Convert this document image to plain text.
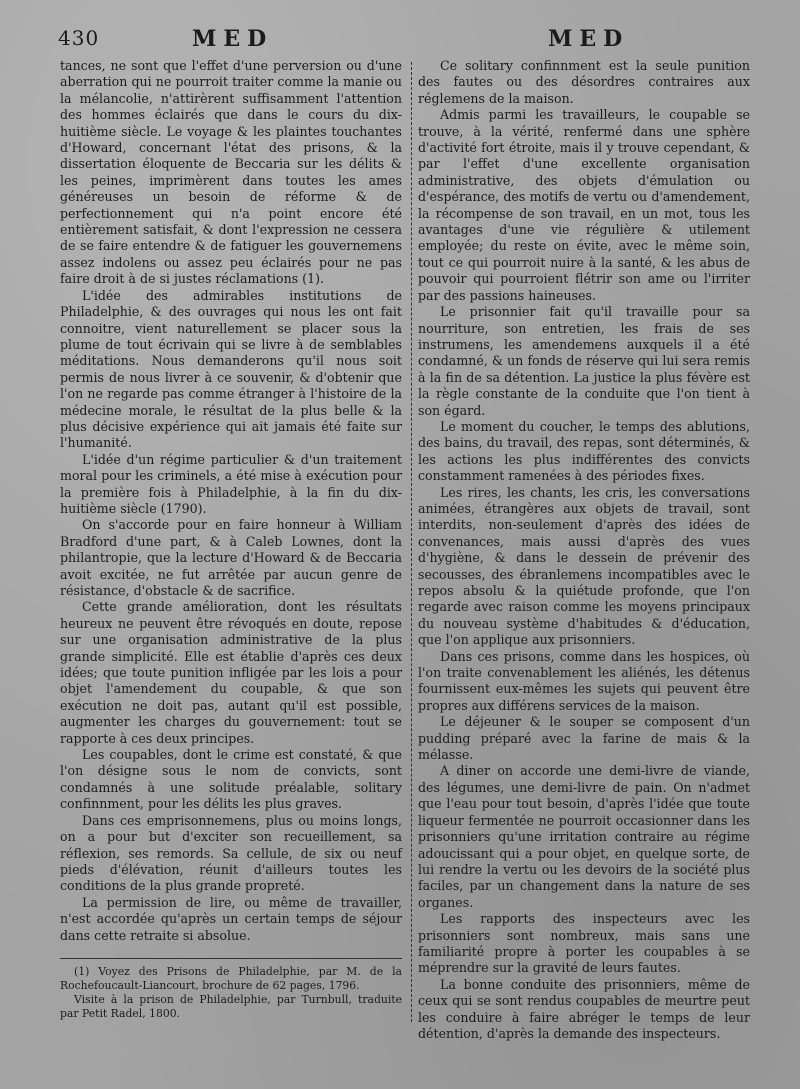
430	MED	MED

tances, ne sont que l'effet d'une perversion ou d'une aberration qui ne pourroit traiter comme la manie ou la mélancolie, n'attirèrent suffisamment l'attention des hommes éclairés que dans le cours du dix-huitième siècle. Le voyage & les plaintes touchantes d'Howard, concernant l'état des prisons, & la dissertation éloquente de Beccaria sur les délits & les peines, imprimèrent dans toutes les ames généreuses un besoin de réforme & de perfectionnement qui n'a point encore été entièrement satisfait, & dont l'expression ne cessera de se faire entendre & de fatiguer les gouvernemens assez indolens ou assez peu éclairés pour ne pas faire droit à de si justes réclamations (1).

L'idée des admirables institutions de Philadelphie, & des ouvrages qui nous les ont fait connoitre, vient naturellement se placer sous la plume de tout écrivain qui se livre à de semblables méditations. Nous demanderons qu'il nous soit permis de nous livrer à ce souvenir, & d'obtenir que l'on ne regarde pas comme étranger à l'histoire de la médecine morale, le résultat de la plus belle & la plus décisive expérience qui ait jamais été faite sur l'humanité.

L'idée d'un régime particulier & d'un traitement moral pour les criminels, a été mise à exécution pour la première fois à Philadelphie, à la fin du dix-huitième siècle (1790).

On s'accorde pour en faire honneur à William Bradford d'une part, & à Caleb Lownes, dont la philantropie, que la lecture d'Howard & de Beccaria avoit excitée, ne fut arrêtée par aucun genre de résistance, d'obstacle & de sacrifice.

Cette grande amélioration, dont les résultats heureux ne peuvent être révoqués en doute, repose sur une organisation administrative de la plus grande simplicité. Elle est établie d'après ces deux idées; que toute punition infligée par les lois a pour objet l'amendement du coupable, & que son exécution ne doit pas, autant qu'il est possible, augmenter les charges du gouvernement: tout se rapporte à ces deux principes.

Les coupables, dont le crime est constaté, & que l'on désigne sous le nom de convicts, sont condamnés à une solitude préalable, solitary confinnment, pour les délits les plus graves.

Dans ces emprisonnemens, plus ou moins longs, on a pour but d'exciter son recueillement, sa réflexion, ses remords. Sa cellule, de six ou neuf pieds d'élévation, réunit d'ailleurs toutes les conditions de la plus grande propreté.

La permission de lire, ou même de travailler, n'est accordée qu'après un certain temps de séjour dans cette retraite si absolue.

Ce solitary confinnment est la seule punition des fautes ou des désordres contraires aux réglemens de la maison.

Admis parmi les travailleurs, le coupable se trouve, à la vérité, renfermé dans une sphère d'activité fort étroite, mais il y trouve cependant, & par l'effet d'une excellente organisation administrative, des objets d'émulation ou d'espérance, des motifs de vertu ou d'amendement, la récompense de son travail, en un mot, tous les avantages d'une vie régulière & utilement employée; du reste on évite, avec le même soin, tout ce qui pourroit nuire à la santé, & les abus de pouvoir qui pourroient flétrir son ame ou l'irriter par des passions haineuses.

Le prisonnier fait qu'il travaille pour sa nourriture, son entretien, les frais de ses instrumens, les amendemens auxquels il a été condamné, & un fonds de réserve qui lui sera remis à la fin de sa détention. La justice la plus févère est la règle constante de la conduite que l'on tient à son égard.

Le moment du coucher, le temps des ablutions, des bains, du travail, des repas, sont déterminés, & les actions les plus indifférentes des convicts constamment ramenées à des périodes fixes.

Les rires, les chants, les cris, les conversations animées, étrangères aux objets de travail, sont interdits, non-seulement d'après des idées de convenances, mais aussi d'après des vues d'hygiène, & dans le dessein de prévenir des secousses, des ébranlemens incompatibles avec le repos absolu & la quiétude profonde, que l'on regarde avec raison comme les moyens principaux du nouveau système d'habitudes & d'éducation, que l'on applique aux prisonniers.

Dans ces prisons, comme dans les hospices, où l'on traite convenablement les aliénés, les détenus fournissent eux-mêmes les sujets qui peuvent être propres aux différens services de la maison.

Le déjeuner & le souper se composent d'un pudding préparé avec la farine de mais & la mélasse.

A diner on accorde une demi-livre de viande, des légumes, une demi-livre de pain. On n'admet que l'eau pour tout besoin, d'après l'idée que toute liqueur fermentée ne pourroit occasionner dans les prisonniers qu'une irritation contraire au régime adoucissant qui a pour objet, en quelque sorte, de lui rendre la vertu ou les devoirs de la société plus faciles, par un changement dans la nature de ses organes.

Les rapports des inspecteurs avec les prisonniers sont nombreux, mais sans une familiarité propre à porter les coupables à se méprendre sur la gravité de leurs fautes.

La bonne conduite des prisonniers, même de ceux qui se sont rendus coupables de meurtre peut les conduire à faire abréger le temps de leur détention, d'après la demande des inspecteurs.

(1) Voyez des Prisons de Philadelphie, par M. de la Rochefoucault-Liancourt, brochure de 62 pages, 1796.

Visite à la prison de Philadelphie, par Turnbull, traduite par Petit Radel, 1800.
